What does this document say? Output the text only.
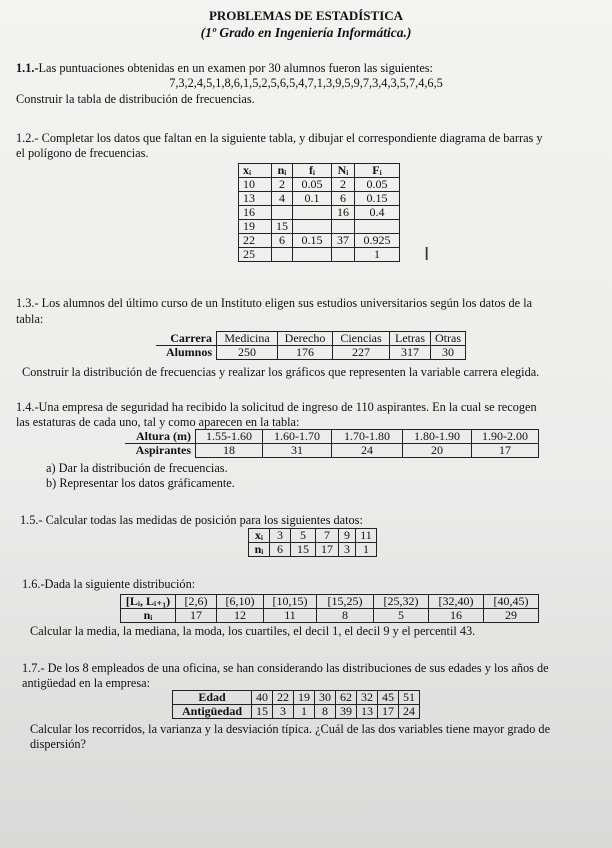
PROBLEMAS DE ESTADÍSTICA
(1º Grado en Ingeniería Informática.)
1.1.-Las puntuaciones obtenidas en un examen por 30 alumnos fueron las siguientes:
7,3,2,4,5,1,8,6,1,5,2,5,6,5,4,7,1,3,9,5,9,7,3,4,3,5,7,4,6,5
Construir la tabla de distribución de frecuencias.
1.2.- Completar los datos que faltan en la siguiente tabla, y dibujar el correspondiente diagrama de barras y
el polígono de frecuencias.
xᵢ	nᵢ	fᵢ	Nᵢ	Fᵢ
10	2	0.05	2	0.05
13	4	0.1	6	0.15
16			16	0.4
19	15			
22	6	0.15	37	0.925
25				1 I
1.3.- Los alumnos del último curso de un Instituto eligen sus estudios universitarios según los datos de la
tabla:
Carrera	Medicina	Derecho	Ciencias	Letras	Otras
Alumnos	250	176	227	317	30
Construir la distribución de frecuencias y realizar los gráficos que representen la variable carrera elegida.
1.4.-Una empresa de seguridad ha recibido la solicitud de ingreso de 110 aspirantes. En la cual se recogen
las estaturas de cada uno, tal y como aparecen en la tabla:
Altura (m)	1.55-1.60	1.60-1.70	1.70-1.80	1.80-1.90	1.90-2.00
Aspirantes	18	31	24	20	17
a) Dar la distribución de frecuencias.
b) Representar los datos gráficamente.
1.5.- Calcular todas las medidas de posición para los siguientes datos:
xᵢ	3	5	7	9	11
nᵢ	6	15	17	3	1
1.6.-Dada la siguiente distribución:
[Lᵢ, Lᵢ₊₁)	[2,6)	[6,10)	[10,15)	[15,25)	[25,32)	[32,40)	[40,45)
nᵢ	17	12	11	8	5	16	29
Calcular la media, la mediana, la moda, los cuartiles, el decil 1, el decil 9 y el percentil 43.
1.7.- De los 8 empleados de una oficina, se han considerando las distribuciones de sus edades y los años de
antigüedad en la empresa:
Edad	40	22	19	30	62	32	45	51
Antigüedad	15	3	1	8	39	13	17	24
Calcular los recorridos, la varianza y la desviación típica. ¿Cuál de las dos variables tiene mayor grado de
dispersión?
